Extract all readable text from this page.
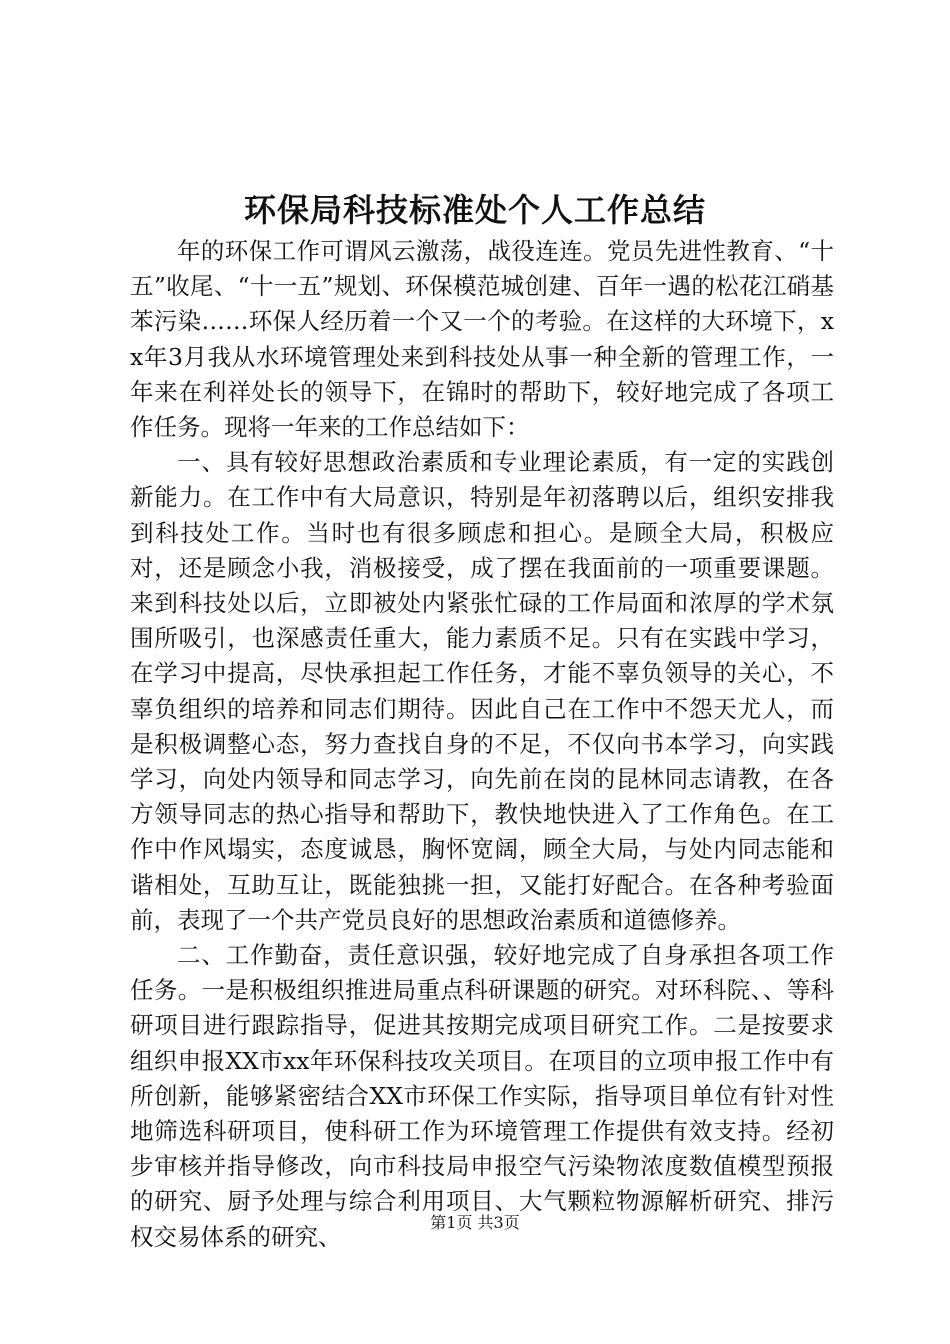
环保局科技标准处个人工作总结

年的环保工作可谓风云激荡，战役连连。党员先进性教育、“十五”收尾、“十一五”规划、环保模范城创建、百年一遇的松花江硝基苯污染……环保人经历着一个又一个的考验。在这样的大环境下，xx年3月我从水环境管理处来到科技处从事一种全新的管理工作，一年来在利祥处长的领导下，在锦时的帮助下，较好地完成了各项工作任务。现将一年来的工作总结如下：

一、具有较好思想政治素质和专业理论素质，有一定的实践创新能力。在工作中有大局意识，特别是年初落聘以后，组织安排我到科技处工作。当时也有很多顾虑和担心。是顾全大局，积极应对，还是顾念小我，消极接受，成了摆在我面前的一项重要课题。来到科技处以后，立即被处内紧张忙碌的工作局面和浓厚的学术氛围所吸引，也深感责任重大，能力素质不足。只有在实践中学习，在学习中提高，尽快承担起工作任务，才能不辜负领导的关心，不辜负组织的培养和同志们期待。因此自己在工作中不怨天尤人，而是积极调整心态，努力查找自身的不足，不仅向书本学习，向实践学习，向处内领导和同志学习，向先前在岗的昆林同志请教，在各方领导同志的热心指导和帮助下，教快地快进入了工作角色。在工作中作风塌实，态度诚恳，胸怀宽阔，顾全大局，与处内同志能和谐相处，互助互让，既能独挑一担，又能打好配合。在各种考验面前，表现了一个共产党员良好的思想政治素质和道德修养。

二、工作勤奋，责任意识强，较好地完成了自身承担各项工作任务。一是积极组织推进局重点科研课题的研究。对环科院、、等科研项目进行跟踪指导，促进其按期完成项目研究工作。二是按要求组织申报XX市xx年环保科技攻关项目。在项目的立项申报工作中有所创新，能够紧密结合XX市环保工作实际，指导项目单位有针对性地筛选科研项目，使科研工作为环境管理工作提供有效支持。经初步审核并指导修改，向市科技局申报空气污染物浓度数值模型预报的研究、厨予处理与综合利用项目、大气颗粒物源解析研究、排污权交易体系的研究、

第1页 共3页
